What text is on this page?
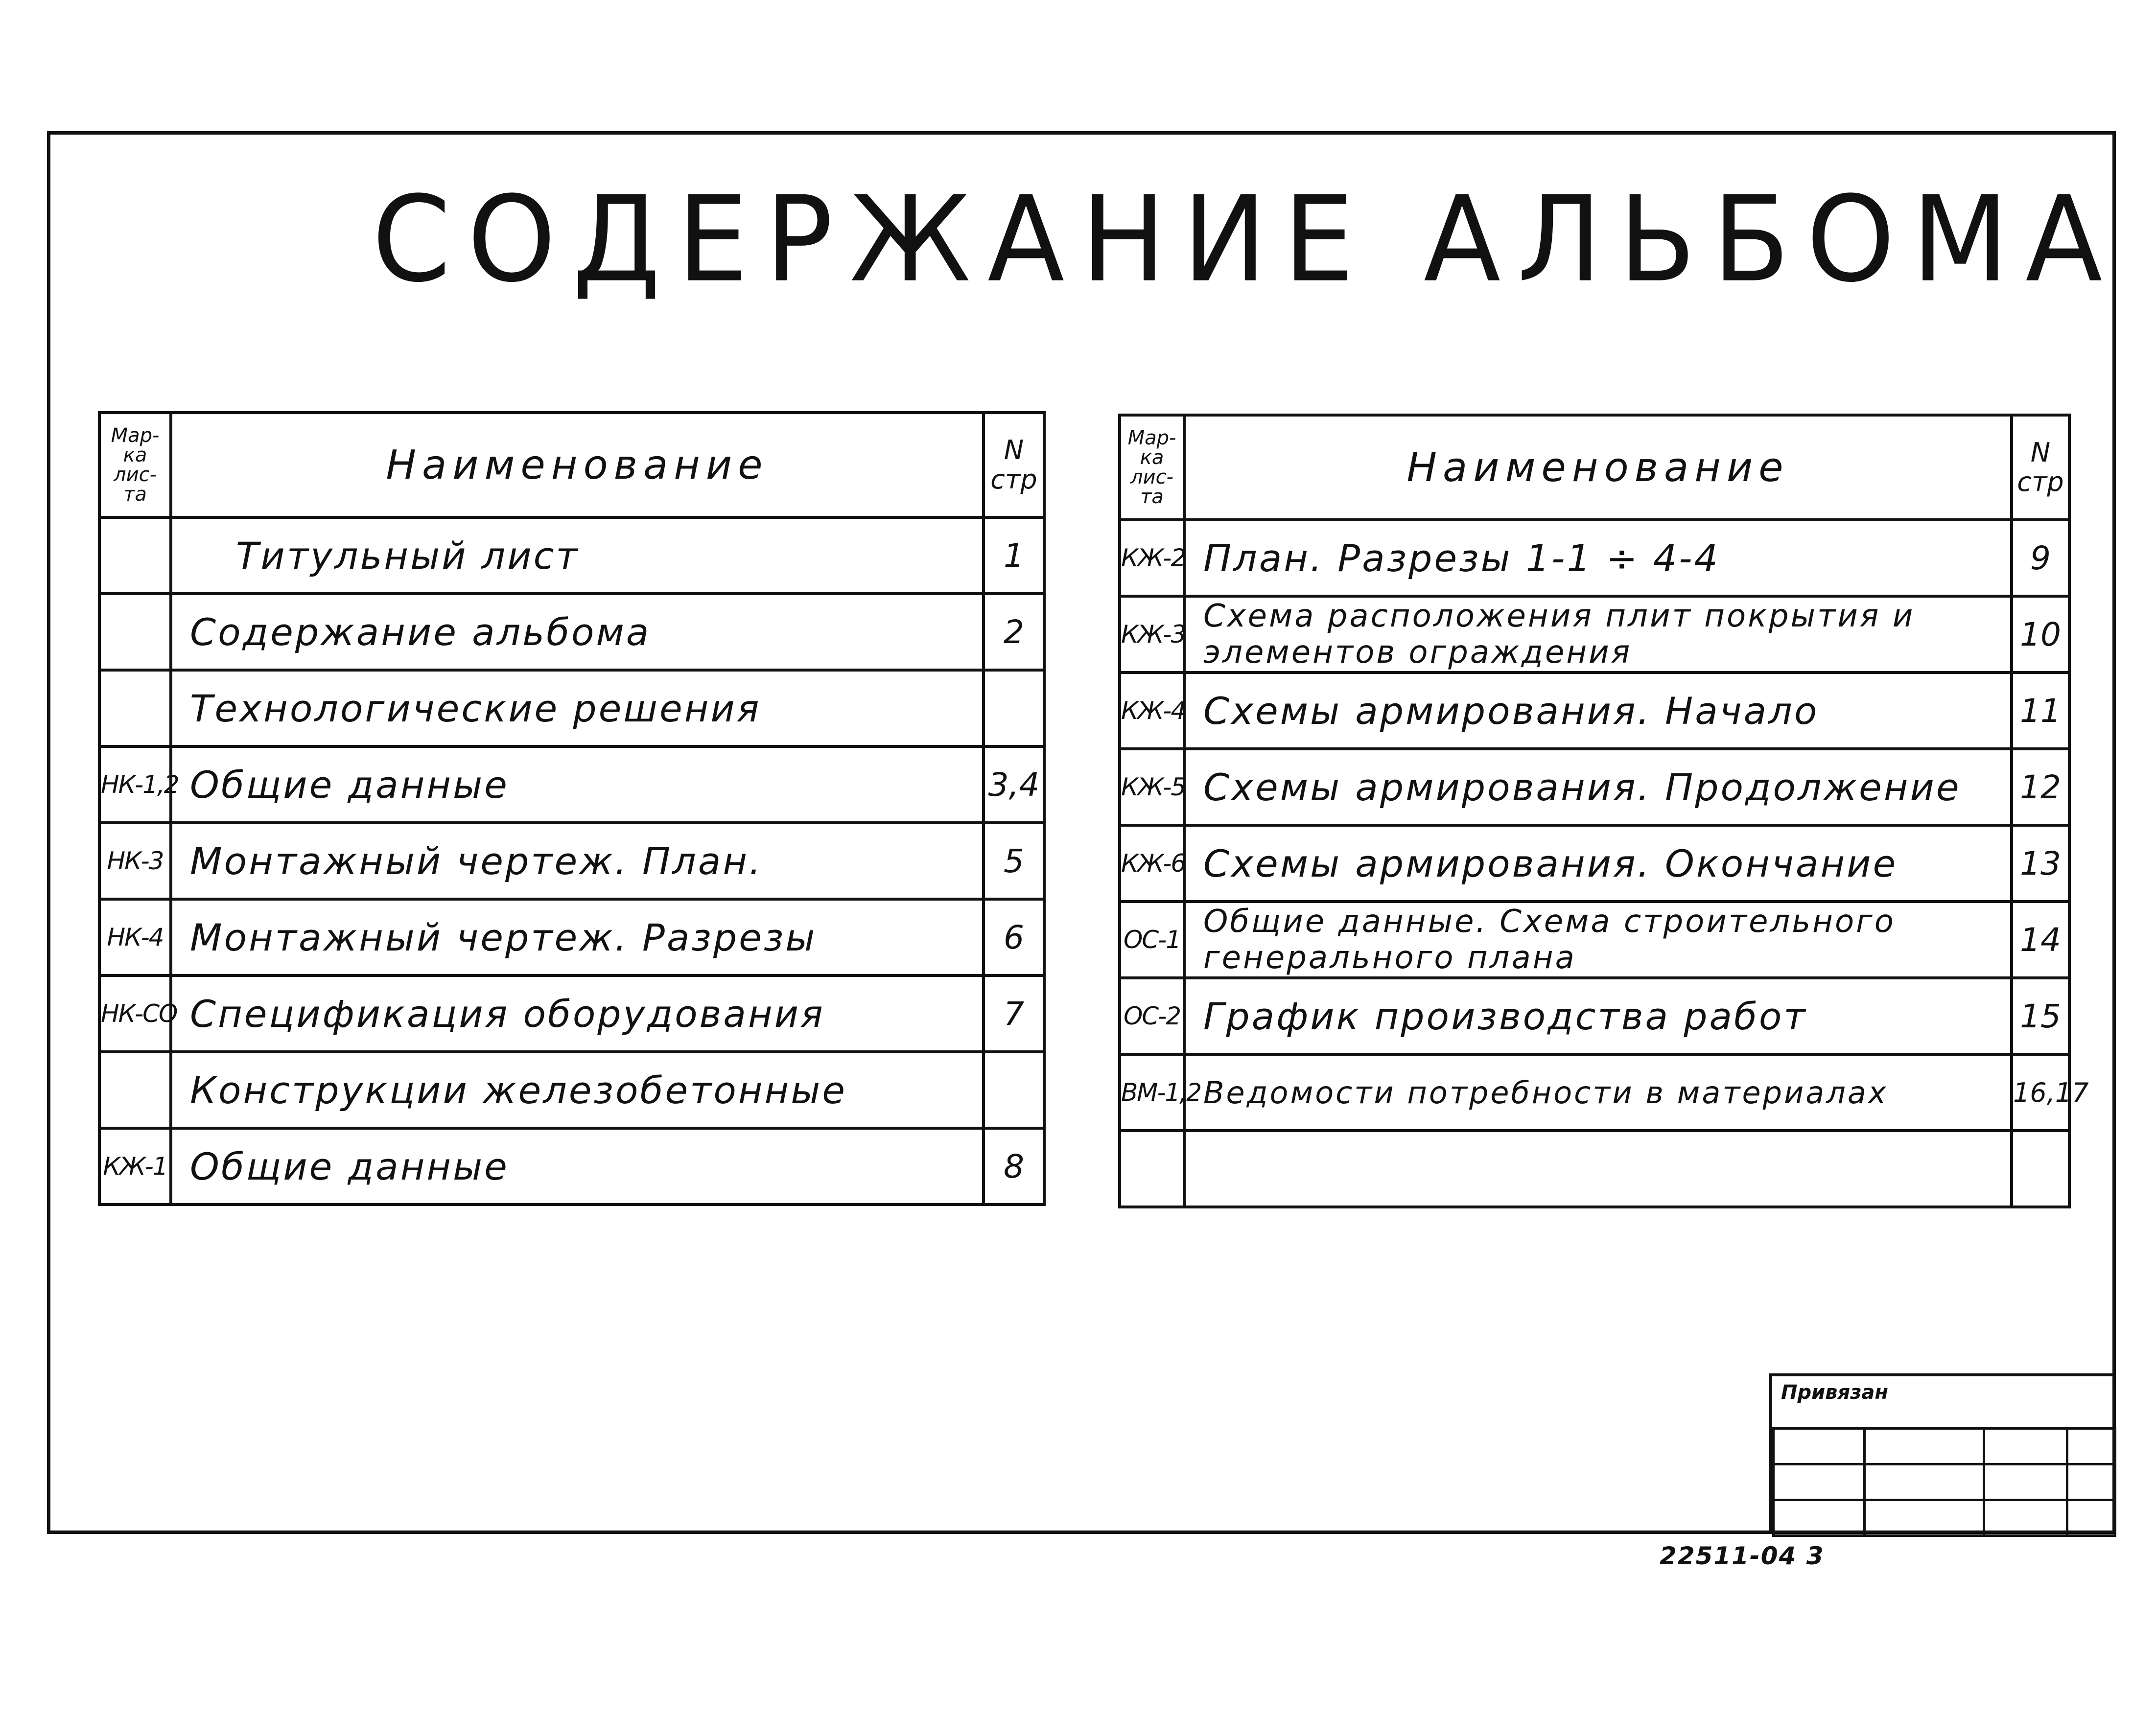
СОДЕРЖАНИЕ АЛЬБОМА
Мар-
ка
лис-
та	Наименование	N
стр

	Титульный лист	1
	Содержание альбома	2
	Технологические решения	
НК-1,2	Общие данные	3,4
НК-3	Монтажный чертеж. План.	5
НК-4	Монтажный чертеж. Разрезы	6
НК-СО	Спецификация оборудования	7
	Конструкции железобетонные	
КЖ-1	Общие данные	8
Мар-
ка
лис-
та	Наименование	N
стр

КЖ-2	План. Разрезы 1-1 ÷ 4-4	9
КЖ-3	Схема расположения плит покрытия и
элементов ограждения	10
КЖ-4	Схемы армирования. Начало	11
КЖ-5	Схемы армирования. Продолжение	12
КЖ-6	Схемы армирования. Окончание	13
ОС-1	Общие данные. Схема строительного
генерального плана	14
ОС-2	График производства работ	15
ВМ-1,2	Ведомости потребности в материалах	16,17

Привязан

22511-04 3
